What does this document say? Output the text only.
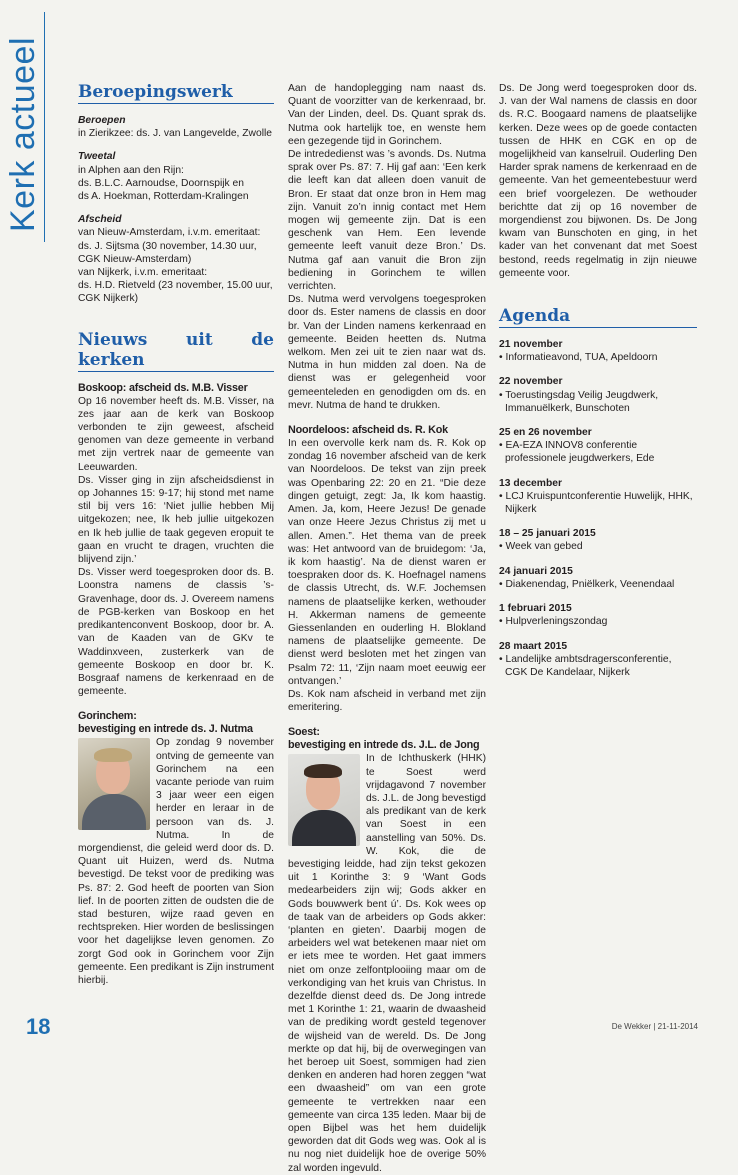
Kerk actueel Beroepingswerk

Beroepen

in Zierikzee: ds. J. van Langevelde, Zwolle

Tweetal

in Alphen aan den Rijn:

ds. B.L.C. Aarnoudse, Doornspijk en

ds A. Hoekman, Rotterdam-Kralingen

Afscheid

van Nieuw-Amsterdam, i.v.m. emeritaat:

ds. J. Sijtsma (30 november, 14.30 uur,

CGK Nieuw-Amsterdam)

van Nijkerk, i.v.m. emeritaat:

ds. H.D. Rietveld (23 november, 15.00 uur,

CGK Nijkerk)

Nieuws uit de kerken
Boskoop: afscheid ds. M.B. Visser

Op 16 november heeft ds. M.B. Visser, na zes jaar aan de kerk van Boskoop verbonden te zijn geweest, afscheid genomen van deze gemeente in verband met zijn vertrek naar de gemeente van Leeuwarden.

Ds. Visser ging in zijn afscheidsdienst in op Johannes 15: 9-17; hij stond met name stil bij vers 16: ‘Niet jullie hebben Mij uitgekozen; nee, Ik heb jullie uitgekozen en Ik heb jullie de taak gegeven eropuit te gaan en vrucht te dragen, vruchten die blijvend zijn.’

Ds. Visser werd toegesproken door ds. B. Loonstra namens de classis ’s-Gravenhage, door ds. J. Overeem namens de PGB-kerken van Boskoop en het predikantenconvent Boskoop, door br. A. van de Kaaden van de GKv te Waddinxveen, zusterkerk van de gemeente Boskoop en door br. K. Bosgraaf namens de kerkenraad en de gemeente.

Gorinchem:
bevestiging en intrede ds. J. Nutma

Op zondag 9 november ontving de gemeente van Gorinchem na een vacante periode van ruim 3 jaar weer een eigen herder en leraar in de persoon van ds. J. Nutma. In de morgendienst, die geleid werd door ds. D. Quant uit Huizen, werd ds. Nutma bevestigd. De tekst voor de prediking was Ps. 87: 2. God heeft de poorten van Sion lief. In de poorten zitten de oudsten die de stad besturen, wijze raad geven en rechtspreken. Hier worden de beslissingen voor het dagelijkse leven genomen. Zo zorgt God ook in Gorinchem voor Zijn gemeente. Een predikant is Zijn instrument hierbij.

Aan de handoplegging nam naast ds. Quant de voorzitter van de kerkenraad, br. Van der Linden, deel. Ds. Quant sprak ds. Nutma ook hartelijk toe, en wenste hem een gezegende tijd in Gorinchem.

De intrededienst was ’s avonds. Ds. Nutma sprak over Ps. 87: 7. Hij gaf aan: ‘Een kerk die leeft kan dat alleen doen vanuit de Bron. Er staat dat onze bron in Hem mag zijn. Vanuit zo’n innig contact met Hem mogen wij gemeente zijn. Dat is een geschenk van Hem. Een levende gemeente leeft vanuit deze Bron.’ Ds. Nutma gaf aan vanuit die Bron zijn bediening in Gorinchem te willen verrichten.

Ds. Nutma werd vervolgens toegesproken door ds. Ester namens de classis en door br. Van der Linden namens kerkenraad en gemeente. Beiden heetten ds. Nutma welkom. Men zei uit te zien naar wat ds. Nutma in hun midden zal doen. Na de dienst was er gelegenheid voor gemeenteleden en genodigden om ds. en mevr. Nutma de hand te drukken.

Noordeloos: afscheid ds. R. Kok

In een overvolle kerk nam ds. R. Kok op zondag 16 november afscheid van de kerk van Noordeloos. De tekst van zijn preek was Openbaring 22: 20 en 21. “Die deze dingen getuigt, zegt: Ja, Ik kom haastig. Amen. Ja, kom, Heere Jezus! De genade van onze Heere Jezus Christus zij met u allen. Amen.”. Het thema van de preek was: Het antwoord van de bruidegom: ‘Ja, ik kom haastig’. Na de dienst waren er toespraken door ds. K. Hoefnagel namens de classis Utrecht, ds. W.F. Jochemsen namens de plaatselijke kerken, wethouder H. Akkerman namens de gemeente Giessenlanden en ouderling H. Blokland namens de plaatselijke gemeente. De dienst werd besloten met het zingen van Psalm 72: 11, ‘Zijn naam moet eeuwig eer ontvangen.’

Ds. Kok nam afscheid in verband met zijn emeritering.

Soest:
bevestiging en intrede ds. J.L. de Jong

In de Ichthuskerk (HHK) te Soest werd vrijdagavond 7 november ds. J.L. de Jong bevestigd als predikant van de kerk van Soest in een aanstelling van 50%. Ds. W. Kok, die de bevestiging leidde, had zijn tekst gekozen uit 1 Korinthe 3: 9 ‘Want Gods medearbeiders zijn wij; Gods akker en Gods bouwwerk bent ú’. Ds. Kok wees op de taak van de arbeiders op Gods akker: ‘planten en gieten’. Daarbij mogen de arbeiders wel wat betekenen maar niet om er iets mee te worden. Het gaat immers niet om onze zelfontplooiing maar om de verkondiging van het kruis van Christus. In dezelfde dienst deed ds. De Jong intrede met 1 Korinthe 1: 21, waarin de dwaasheid van de prediking wordt gesteld tegenover de wijsheid van de wereld. Ds. De Jong merkte op dat hij, bij de overwegingen van het beroep uit Soest, sommigen had zien denken en anderen had horen zeggen “wat een dwaasheid” om van een grote gemeente te vertrekken naar een gemeente van circa 135 leden. Maar bij de open Bijbel was het hem duidelijk geworden dat dit Gods weg was. Ook al is nu nog niet duidelijk hoe de overige 50% zal worden ingevuld.

Ds. De Jong werd toegesproken door ds. J. van der Wal namens de classis en door ds. R.C. Boogaard namens de plaatselijke kerken. Deze wees op de goede contacten tussen de HHK en CGK en op de mogelijkheid van kanselruil. Ouderling Den Harder sprak namens de kerkenraad en de gemeente. Van het gemeentebestuur werd een brief voorgelezen. De wethouder berichtte dat zij op 16 november de morgendienst zou bijwonen. Ds. De Jong kwam van Bunschoten en ging, in het kader van het convenant dat met Soest bestond, reeds regelmatig in zijn nieuwe gemeente voor.

Agenda
21 november
• Informatieavond, TUA, Apeldoorn
22 november
• Toerustingsdag Veilig Jeugdwerk,
Immanuëlkerk, Bunschoten
25 en 26 november
• EA-EZA INNOV8 conferentie
professionele jeugdwerkers, Ede
13 december
• LCJ Kruispuntconferentie Huwelijk, HHK,
Nijkerk
18 – 25 januari 2015
• Week van gebed
24 januari 2015
• Diakenendag, Pniëlkerk, Veenendaal
1 februari 2015
• Hulpverleningszondag
28 maart 2015
• Landelijke ambtsdragersconferentie,
CGK De Kandelaar, Nijkerk
18	De Wekker | 21-11-2014
